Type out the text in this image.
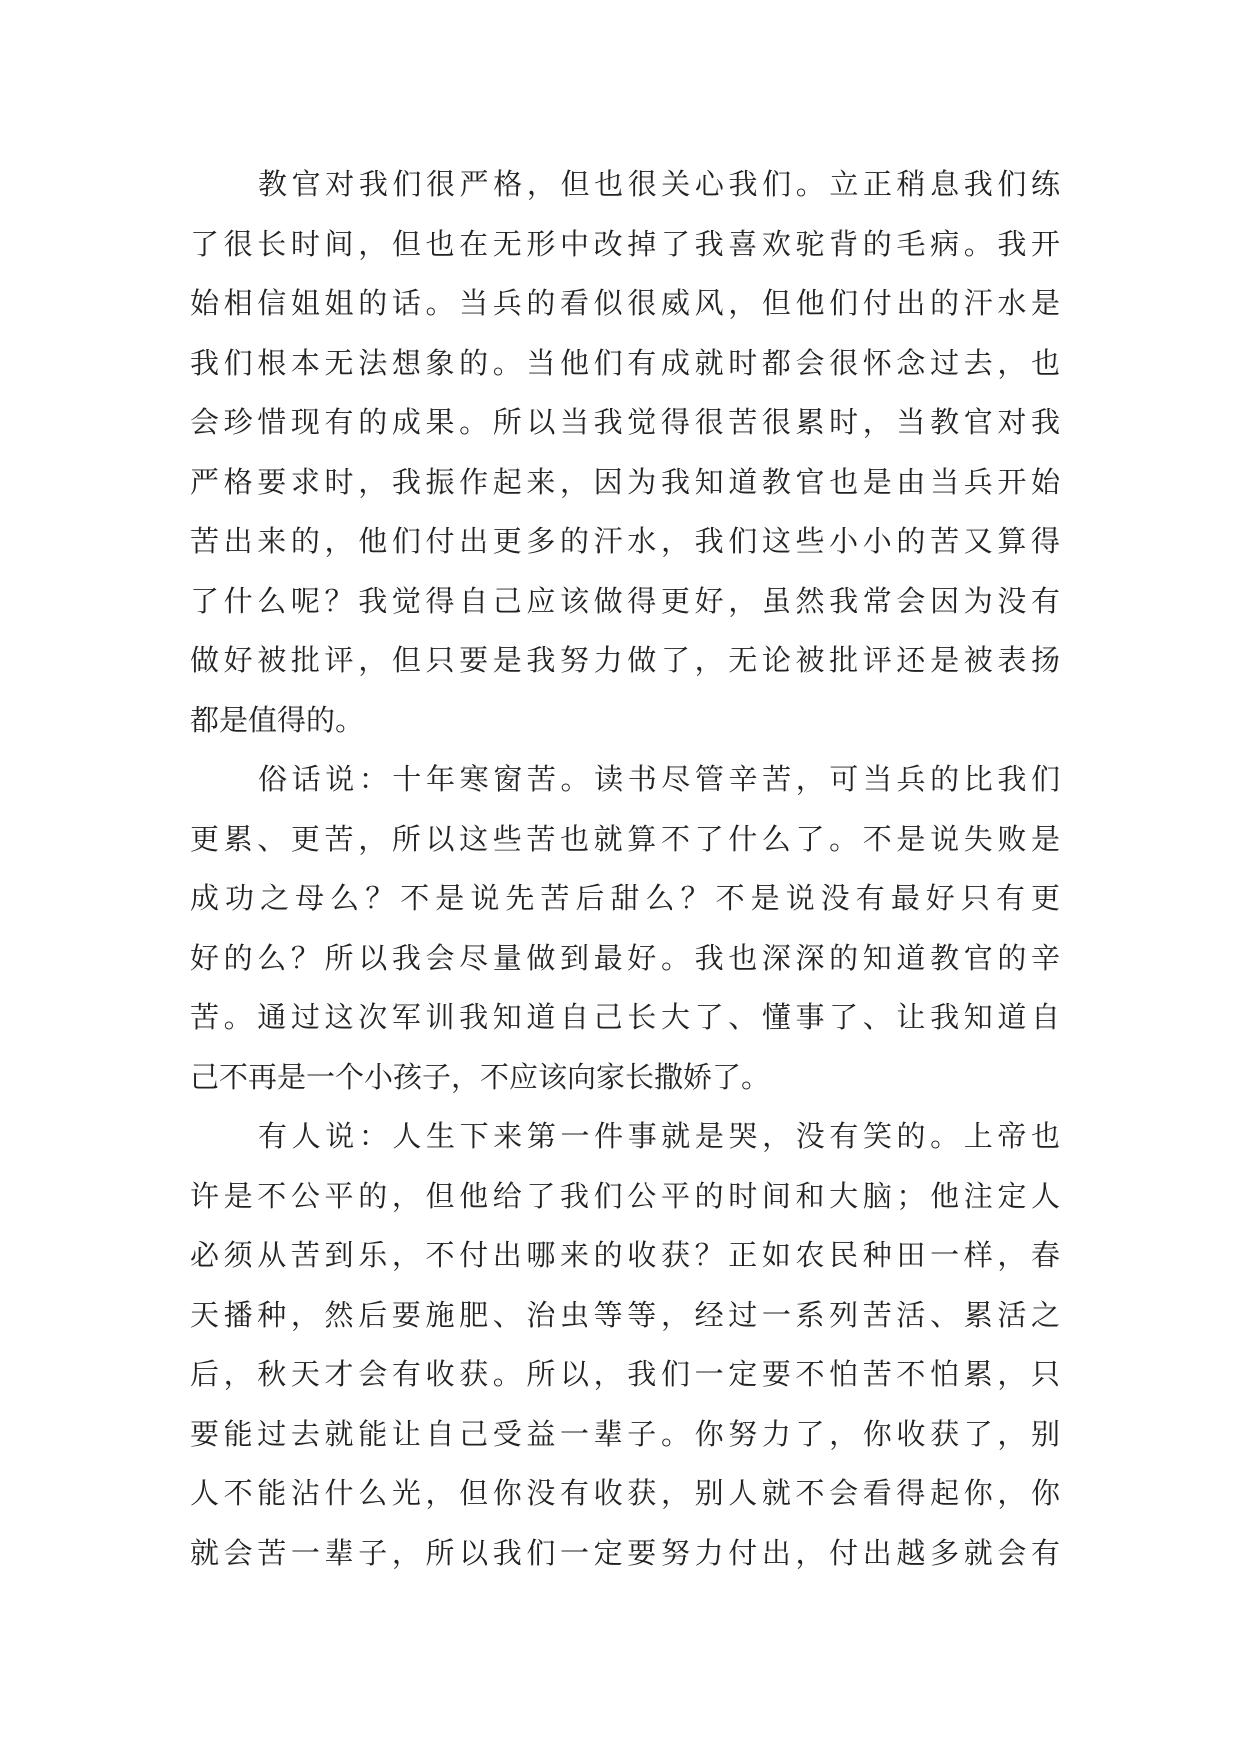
教官对我们很严格，但也很关心我们。立正稍息我们练
了很长时间，但也在无形中改掉了我喜欢驼背的毛病。我开
始相信姐姐的话。当兵的看似很威风，但他们付出的汗水是
我们根本无法想象的。当他们有成就时都会很怀念过去，也
会珍惜现有的成果。所以当我觉得很苦很累时，当教官对我
严格要求时，我振作起来，因为我知道教官也是由当兵开始
苦出来的，他们付出更多的汗水，我们这些小小的苦又算得
了什么呢？我觉得自己应该做得更好，虽然我常会因为没有
做好被批评，但只要是我努力做了，无论被批评还是被表扬
都是值得的。
俗话说：十年寒窗苦。读书尽管辛苦，可当兵的比我们
更累、更苦，所以这些苦也就算不了什么了。不是说失败是
成功之母么？不是说先苦后甜么？不是说没有最好只有更
好的么？所以我会尽量做到最好。我也深深的知道教官的辛
苦。通过这次军训我知道自己长大了、懂事了、让我知道自
己不再是一个小孩子，不应该向家长撒娇了。
有人说：人生下来第一件事就是哭，没有笑的。上帝也
许是不公平的，但他给了我们公平的时间和大脑；他注定人
必须从苦到乐，不付出哪来的收获？正如农民种田一样，春
天播种，然后要施肥、治虫等等，经过一系列苦活、累活之
后，秋天才会有收获。所以，我们一定要不怕苦不怕累，只
要能过去就能让自己受益一辈子。你努力了，你收获了，别
人不能沾什么光，但你没有收获，别人就不会看得起你，你
就会苦一辈子，所以我们一定要努力付出，付出越多就会有
